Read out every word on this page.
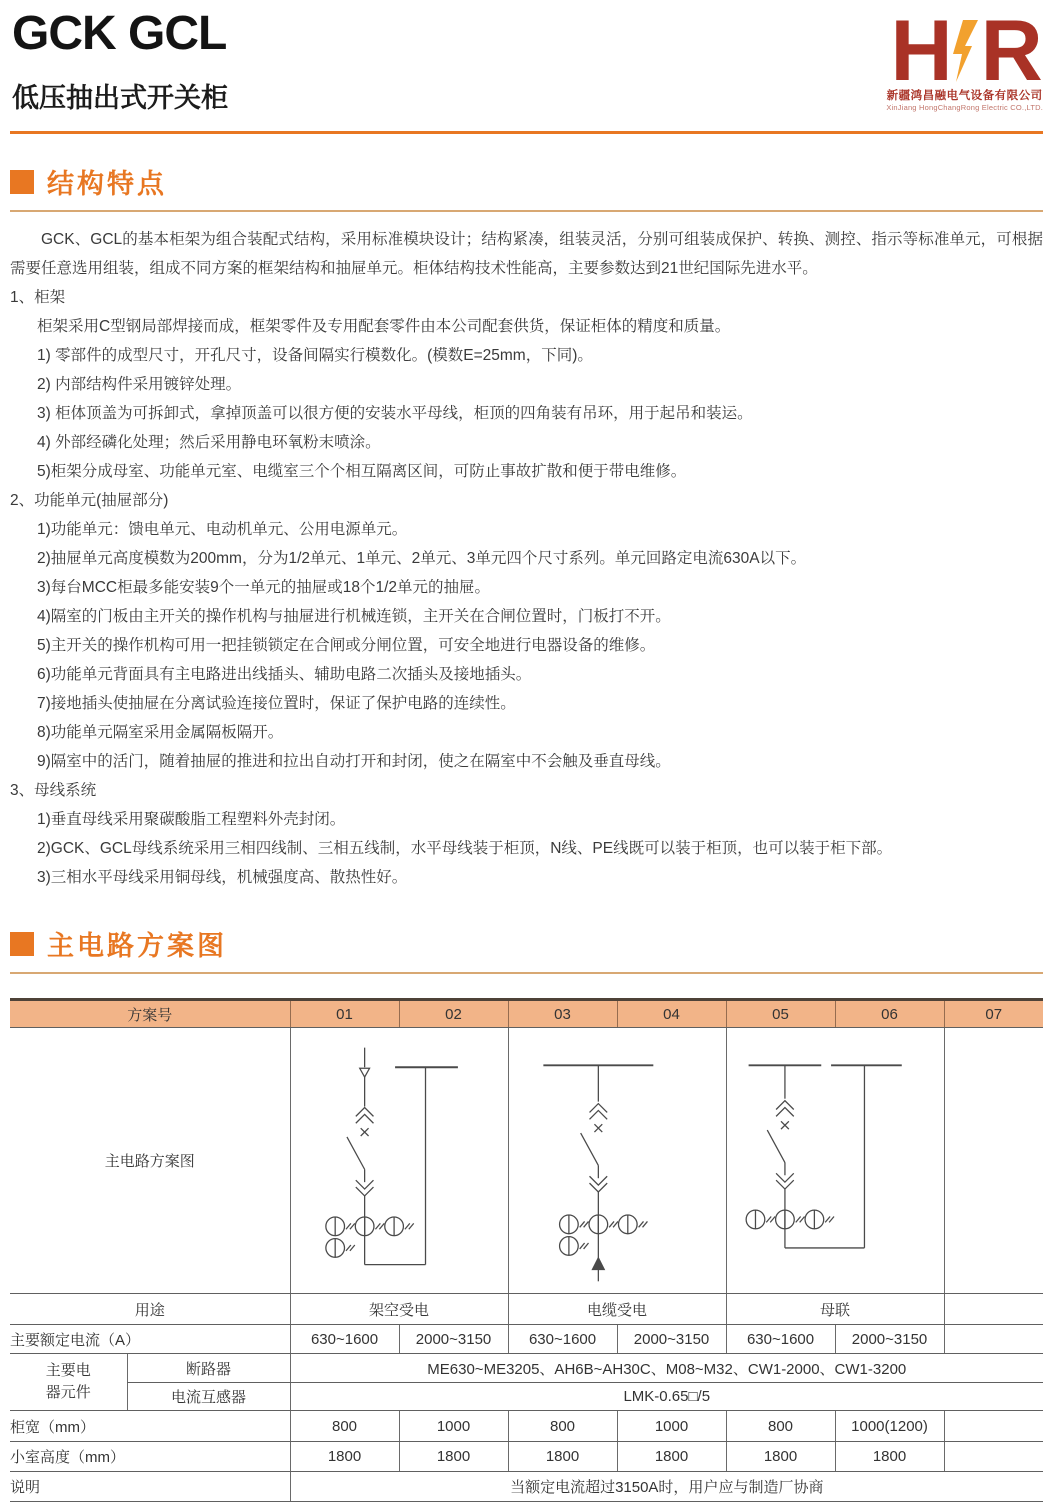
GCK GCL
低压抽出式开关柜	H R
新疆鸿昌融电气设备有限公司
XinJiang HongChangRong Electric CO.,LTD.
结构特点
GCK、GCL的基本柜架为组合装配式结构，采用标准模块设计；结构紧凑，组装灵活，分别可组装成保护、转换、测控、指示等标准单元，可根据需要任意选用组装，组成不同方案的框架结构和抽屉单元。柜体结构技术性能高，主要参数达到21世纪国际先进水平。
1、柜架
柜架采用C型钢局部焊接而成，框架零件及专用配套零件由本公司配套供货，保证柜体的精度和质量。
1) 零部件的成型尺寸，开孔尺寸，设备间隔实行模数化。(模数E=25mm，下同)。
2) 内部结构件采用镀锌处理。
3) 柜体顶盖为可拆卸式，拿掉顶盖可以很方便的安装水平母线，柜顶的四角装有吊环，用于起吊和装运。
4) 外部经磷化处理；然后采用静电环氧粉末喷涂。
5)柜架分成母室、功能单元室、电缆室三个个相互隔离区间，可防止事故扩散和便于带电维修。
2、功能单元(抽屉部分)
1)功能单元：馈电单元、电动机单元、公用电源单元。
2)抽屉单元高度模数为200mm，分为1/2单元、1单元、2单元、3单元四个尺寸系列。单元回路定电流630A以下。
3)每台MCC柜最多能安装9个一单元的抽屉或18个1/2单元的抽屉。
4)隔室的门板由主开关的操作机构与抽屉进行机械连锁，主开关在合闸位置时，门板打不开。
5)主开关的操作机构可用一把挂锁锁定在合闸或分闸位置，可安全地进行电器设备的维修。
6)功能单元背面具有主电路进出线插头、辅助电路二次插头及接地插头。
7)接地插头使抽屉在分离试验连接位置时，保证了保护电路的连续性。
8)功能单元隔室采用金属隔板隔开。
9)隔室中的活门，随着抽屉的推进和拉出自动打开和封闭，使之在隔室中不会触及垂直母线。
3、母线系统
1)垂直母线采用聚碳酸脂工程塑料外壳封闭。
2)GCK、GCL母线系统采用三相四线制、三相五线制，水平母线装于柜顶，N线、PE线既可以装于柜顶，也可以装于柜下部。
3)三相水平母线采用铜母线，机械强度高、散热性好。
主电路方案图
方案号		01	02	03	04	05	06	07
主电路方案图	

用途		架空受电		电缆受电		母联		
主要额定电流（A）		630~1600	2000~3150	630~1600	2000~3150	630~1600	2000~3150	

主要电器元件	断路器	ME630~ME3205、AH6B~AH30C、M08~M32、CW1-2000、CW1-3200						
	电流互感器	LMK-0.65□/5						
柜宽（mm）		800	1000	800	1000	800	1000(1200)	
小室高度（mm）		1800	1800	1800	1800	1800	1800	
说明		当额定电流超过3150A时，用户应与制造厂协商						
